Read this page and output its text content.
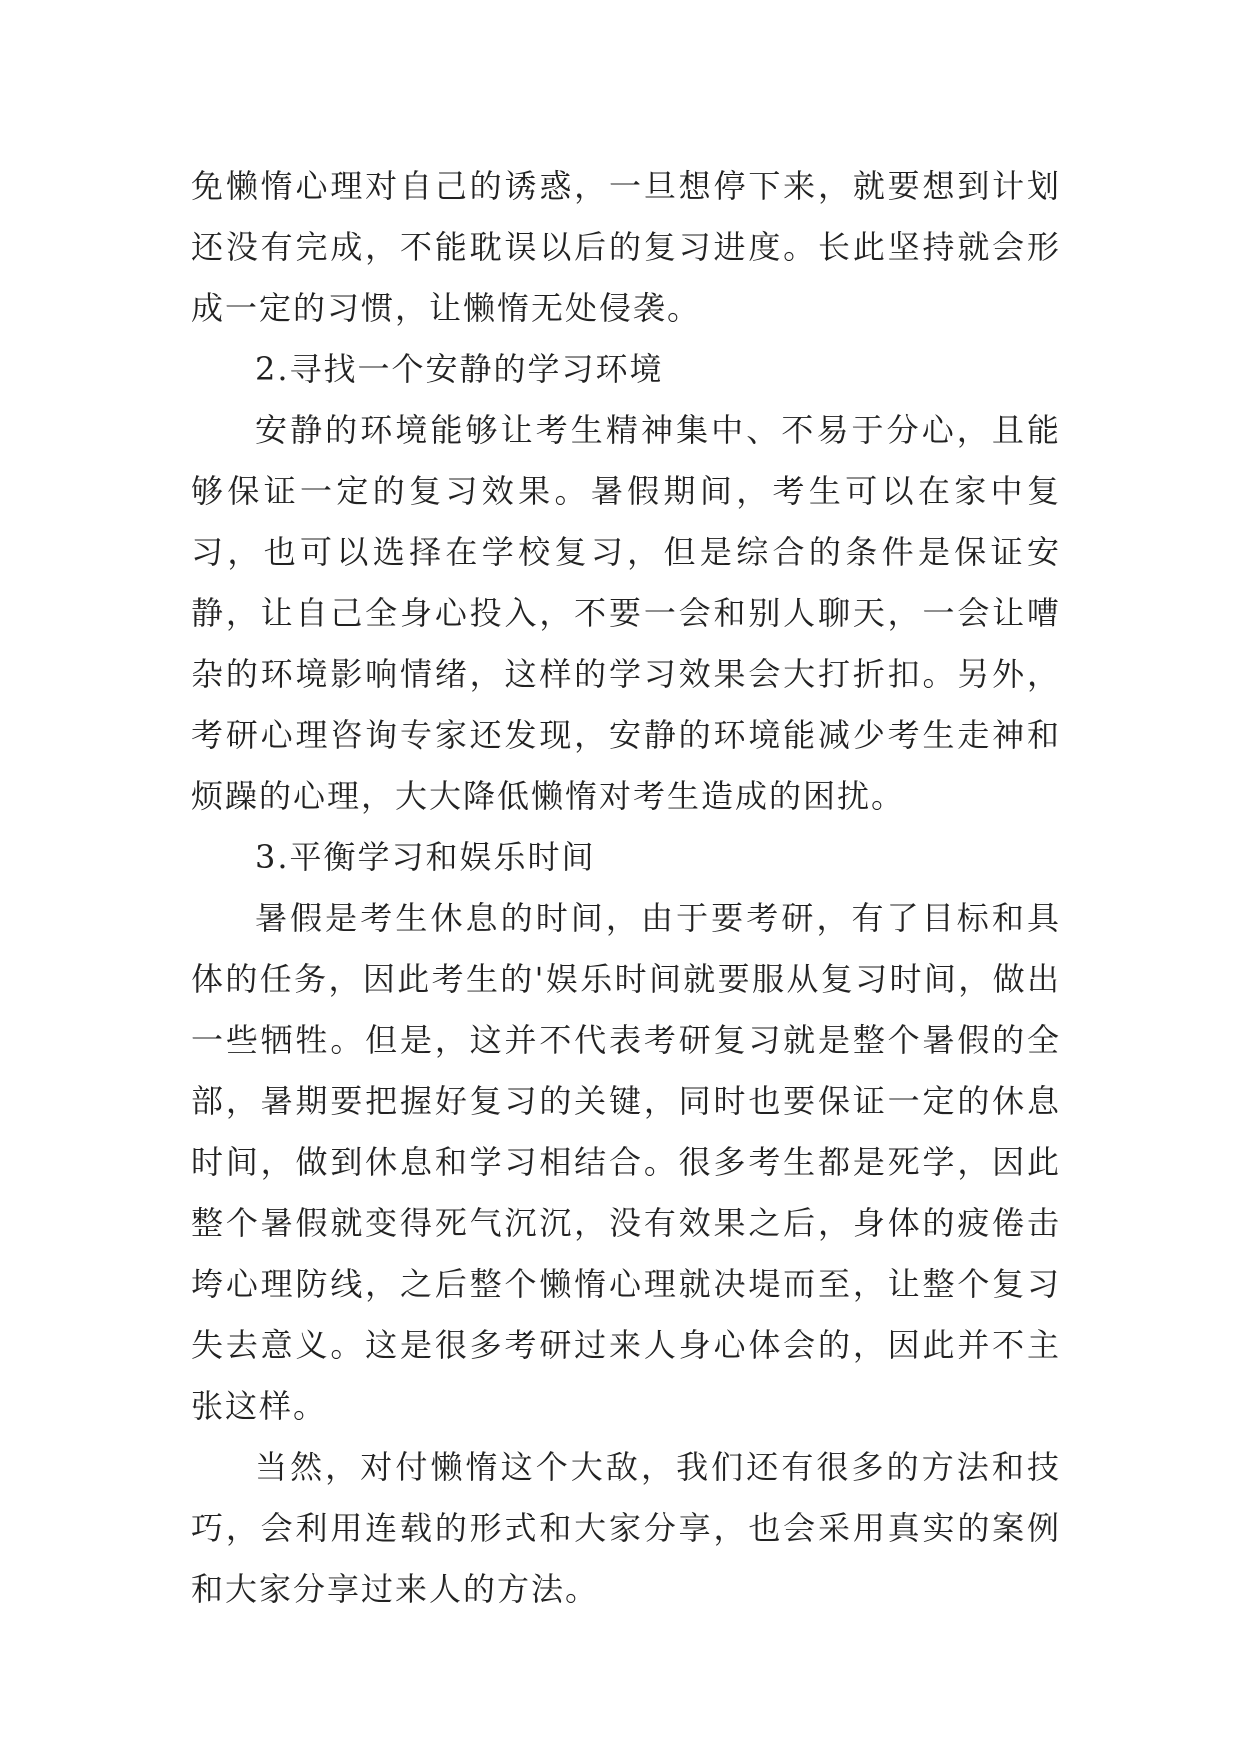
免懒惰心理对自己的诱惑，一旦想停下来，就要想到计划还没有完成，不能耽误以后的复习进度。长此坚持就会形成一定的习惯，让懒惰无处侵袭。

2.寻找一个安静的学习环境

安静的环境能够让考生精神集中、不易于分心，且能够保证一定的复习效果。暑假期间，考生可以在家中复习，也可以选择在学校复习，但是综合的条件是保证安静，让自己全身心投入，不要一会和别人聊天，一会让嘈杂的环境影响情绪，这样的学习效果会大打折扣。另外，考研心理咨询专家还发现，安静的环境能减少考生走神和烦躁的心理，大大降低懒惰对考生造成的困扰。

3.平衡学习和娱乐时间

暑假是考生休息的时间，由于要考研，有了目标和具体的任务，因此考生的'娱乐时间就要服从复习时间，做出一些牺牲。但是，这并不代表考研复习就是整个暑假的全部，暑期要把握好复习的关键，同时也要保证一定的休息时间，做到休息和学习相结合。很多考生都是死学，因此整个暑假就变得死气沉沉，没有效果之后，身体的疲倦击垮心理防线，之后整个懒惰心理就决堤而至，让整个复习失去意义。这是很多考研过来人身心体会的，因此并不主张这样。

当然，对付懒惰这个大敌，我们还有很多的方法和技巧，会利用连载的形式和大家分享，也会采用真实的案例和大家分享过来人的方法。
